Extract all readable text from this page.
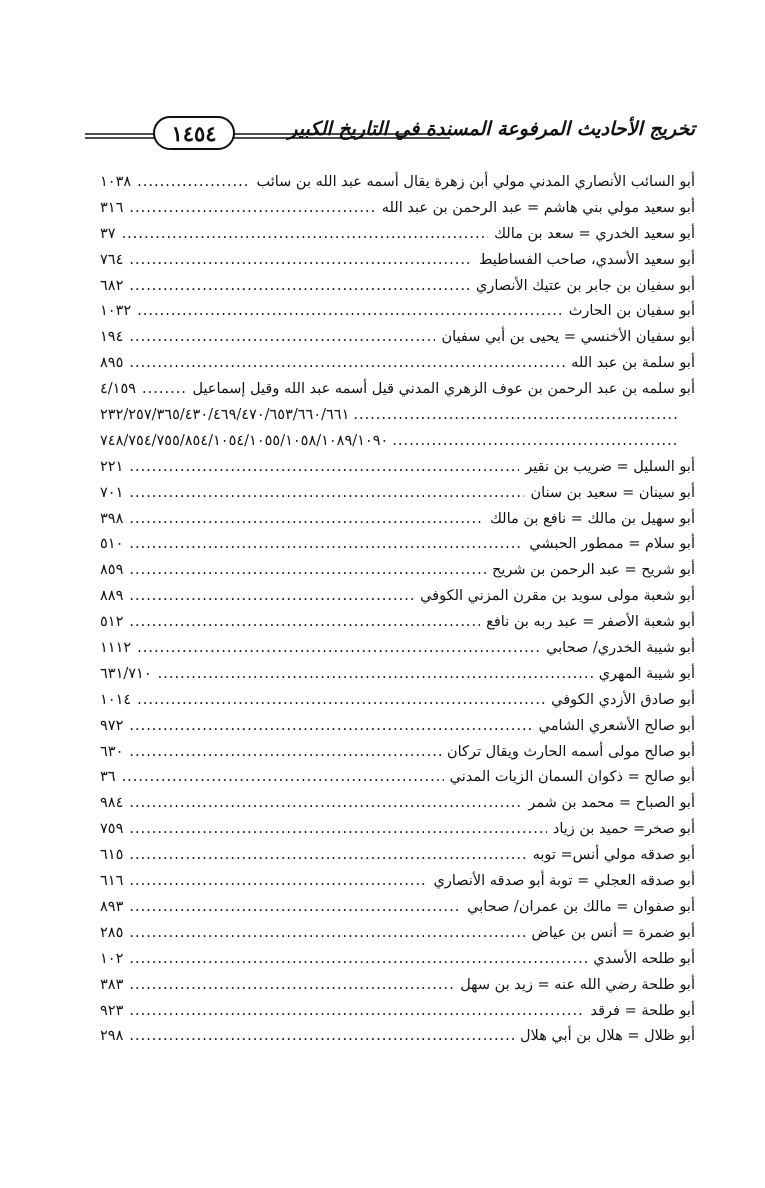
١٤٥٤	تخريج الأحاديث المرفوعة المسندة في التاريخ الكبير
أبو السائب الأنصاري المدني مولي أبن زهرة يقال أسمه عبد الله بن سائب
.....
١٠٣٨
أبو سعيد مولي بني هاشم = عبد الرحمن بن عبد الله
.....
٣١٦
أبو سعيد الخدري = سعد بن مالك
.....
٣٧
أبو سعيد الأسدي، صاحب الفساطيط
.....
٧٦٤
أبو سفيان بن جابر بن عتيك الأنصاري
.....
٦٨٢
أبو سفيان بن الحارث
.....
١٠٣٢
أبو سفيان الأخنسي = يحيى بن أبي سفيان
.....
١٩٤
أبو سلمة بن عبد الله
.....
٨٩٥
أبو سلمه بن عبد الرحمن بن عوف الزهري المدني قيل أسمه عبد الله وقيل إسماعيل
.....
٤/١٥٩
.....
٢٣٢/٢٥٧/٣٦٥/٤٣٠/٤٦٩/٤٧٠/٦٥٣/٦٦٠/٦٦١
.....
٧٤٨/٧٥٤/٧٥٥/٨٥٤/١٠٥٤/١٠٥٥/١٠٥٨/١٠٨٩/١٠٩٠
أبو السليل = ضريب بن نقير
.....
٢٢١
أبو سينان = سعيد بن سنان
.....
٧٠١
أبو سهيل بن مالك = نافع بن مالك
.....
٣٩٨
أبو سلام = ممطور الحبشي
.....
٥١٠
أبو شريح = عبد الرحمن بن شريح
.....
٨٥٩
أبو شعبة مولى سويد بن مقرن المزني الكوفي
.....
٨٨٩
أبو شعبة الأصفر = عبد ربه بن نافع
.....
٥١٢
أبو شيبة الخدري/ صحابي
.....
١١١٢
أبو شيبة المهري
.....
٦٣١/٧١٠
أبو صادق الأزدي الكوفي
.....
١٠١٤
أبو صالح الأشعري الشامي
.....
٩٧٢
أبو صالح مولى أسمه الحارث ويقال تركان
.....
٦٣٠
أبو صالح = ذكوان السمان الزيات المدني
.....
٣٦
أبو الصباح = محمد بن شمر
.....
٩٨٤
أبو صخر= حميد بن زياد
.....
٧٥٩
أبو صدقه مولي أنس= توبه
.....
٦١٥
أبو صدقه العجلي = توبة أبو صدقه الأنصاري
.....
٦١٦
أبو صفوان = مالك بن عمران/ صحابي
.....
٨٩٣
أبو ضمرة = أنس بن عياض
.....
٢٨٥
أبو طلحه الأسدي
.....
١٠٢
أبو طلحة رضي الله عنه = زيد بن سهل
.....
٣٨٣
أبو طلحة = فرقد
.....
٩٢٣
أبو ظلال = هلال بن أبي هلال
.....
٢٩٨
